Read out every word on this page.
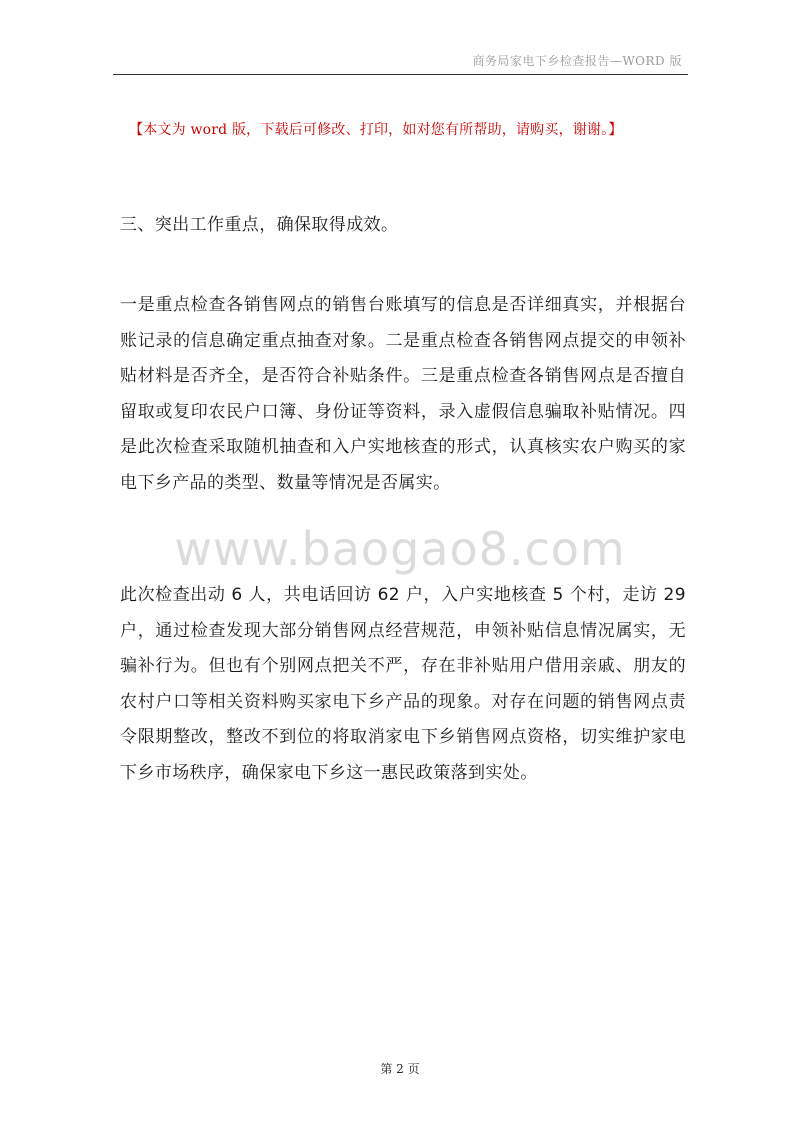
商务局家电下乡检查报告—WORD 版
【本文为 word 版，下载后可修改、打印，如对您有所帮助，请购买，谢谢。】

三、突出工作重点，确保取得成效。

一是重点检查各销售网点的销售台账填写的信息是否详细真实，并根据台账记录的信息确定重点抽查对象。二是重点检查各销售网点提交的申领补贴材料是否齐全，是否符合补贴条件。三是重点检查各销售网点是否擅自留取或复印农民户口簿、身份证等资料，录入虚假信息骗取补贴情况。四是此次检查采取随机抽查和入户实地核查的形式，认真核实农户购买的家电下乡产品的类型、数量等情况是否属实。

www.baogao8.com

此次检查出动 6 人，共电话回访 62 户，入户实地核查 5 个村，走访 29 户，通过检查发现大部分销售网点经营规范，申领补贴信息情况属实，无骗补行为。但也有个别网点把关不严，存在非补贴用户借用亲戚、朋友的农村户口等相关资料购买家电下乡产品的现象。对存在问题的销售网点责令限期整改，整改不到位的将取消家电下乡销售网点资格，切实维护家电下乡市场秩序，确保家电下乡这一惠民政策落到实处。

第 2 页
